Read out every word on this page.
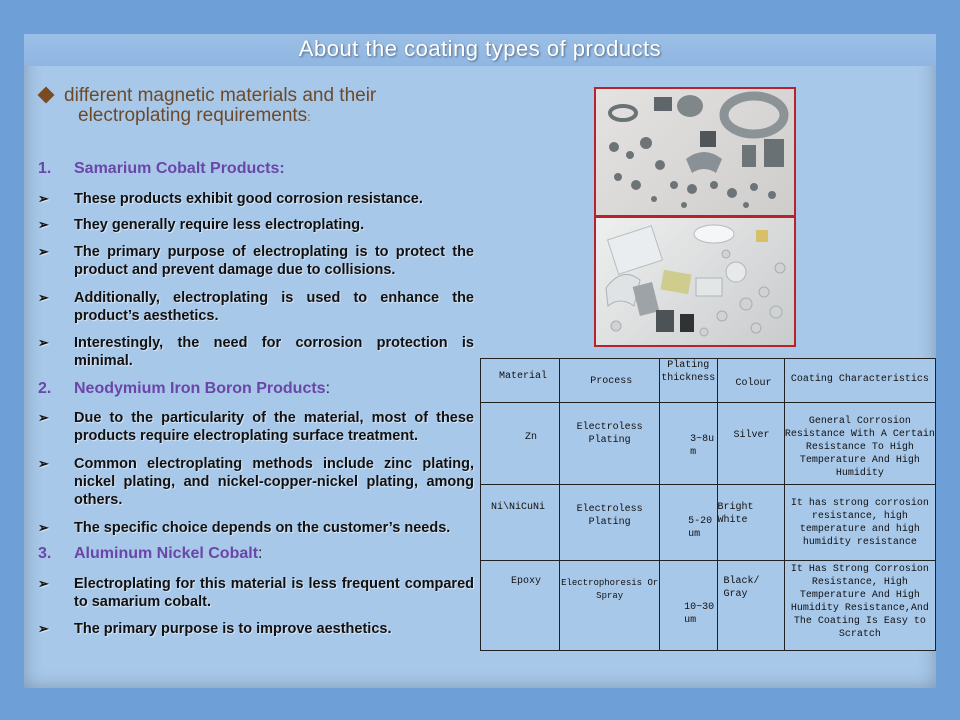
About the coating types of products
different magnetic materials and their
electroplating requirements:
1. Samarium Cobalt Products:
➢ These products exhibit good corrosion resistance.
➢ They generally require less electroplating.
➢ The primary purpose of electroplating is to protect the product and prevent damage due to collisions.
➢ Additionally, electroplating is used to enhance the product’s aesthetics.
➢ Interestingly, the need for corrosion protection is minimal.
2. Neodymium Iron Boron Products:
➢ Due to the particularity of the material, most of these products require electroplating surface treatment.
➢ Common electroplating methods include zinc plating, nickel plating, and nickel-copper-nickel plating, among others.
➢ The specific choice depends on the customer’s needs.
3. Aluminum Nickel Cobalt:
➢ Electroplating for this material is less frequent compared to samarium cobalt.
➢ The primary purpose is to improve aesthetics.
Material	Process	Plating thickness	Colour	Coating Characteristics
Zn	Electroless Plating	3~8um	Silver	General Corrosion Resistance With A Certain Resistance To High Temperature And High Humidity
Ni\NiCuNi	Electroless Plating	5-20um	Bright White	It has strong corrosion resistance, high temperature and high humidity resistance
Epoxy	Electrophoresis Or Spray	10~30um	Black/ Gray	It Has Strong Corrosion Resistance, High Temperature And High Humidity Resistance,And The Coating Is Easy to Scratch
